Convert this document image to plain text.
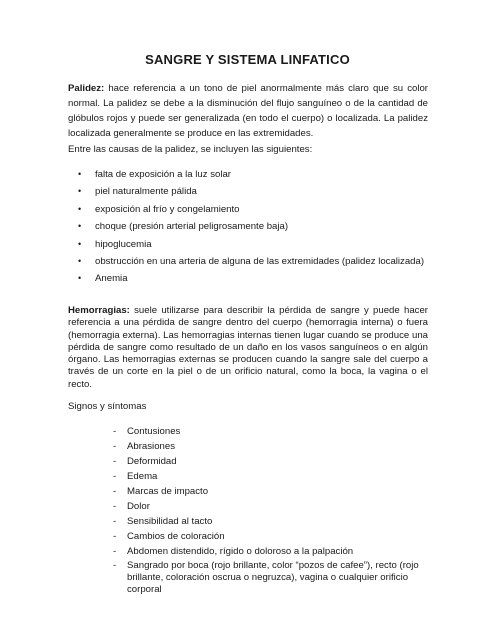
SANGRE Y SISTEMA LINFATICO
Palidez: hace referencia a un tono de piel anormalmente más claro que su color normal. La palidez se debe a la disminución del flujo sanguíneo o de la cantidad de glóbulos rojos y puede ser generalizada (en todo el cuerpo) o localizada. La palidez localizada generalmente se produce en las extremidades.
Entre las causas de la palidez, se incluyen las siguientes:
• falta de exposición a la luz solar
• piel naturalmente pálida
• exposición al frío y congelamiento
• choque (presión arterial peligrosamente baja)
• hipoglucemia
• obstrucción en una arteria de alguna de las extremidades (palidez localizada)
• Anemia
Hemorragias: suele utilizarse para describir la pérdida de sangre y puede hacer referencia a una pérdida de sangre dentro del cuerpo (hemorragia interna) o fuera (hemorragia externa). Las hemorragias internas tienen lugar cuando se produce una pérdida de sangre como resultado de un daño en los vasos sanguíneos o en algún órgano. Las hemorragias externas se producen cuando la sangre sale del cuerpo a través de un corte en la piel o de un orificio natural, como la boca, la vagina o el recto.
Signos y síntomas
- Contusiones
- Abrasiones
- Deformidad
- Edema
- Marcas de impacto
- Dolor
- Sensibilidad al tacto
- Cambios de coloración
- Abdomen distendido, rígido o doloroso a la palpación
- Sangrado por boca (rojo brillante, color “pozos de cafee”), recto (rojo brillante, coloración oscrua o negruzca), vagina o cualquier orificio corporal
